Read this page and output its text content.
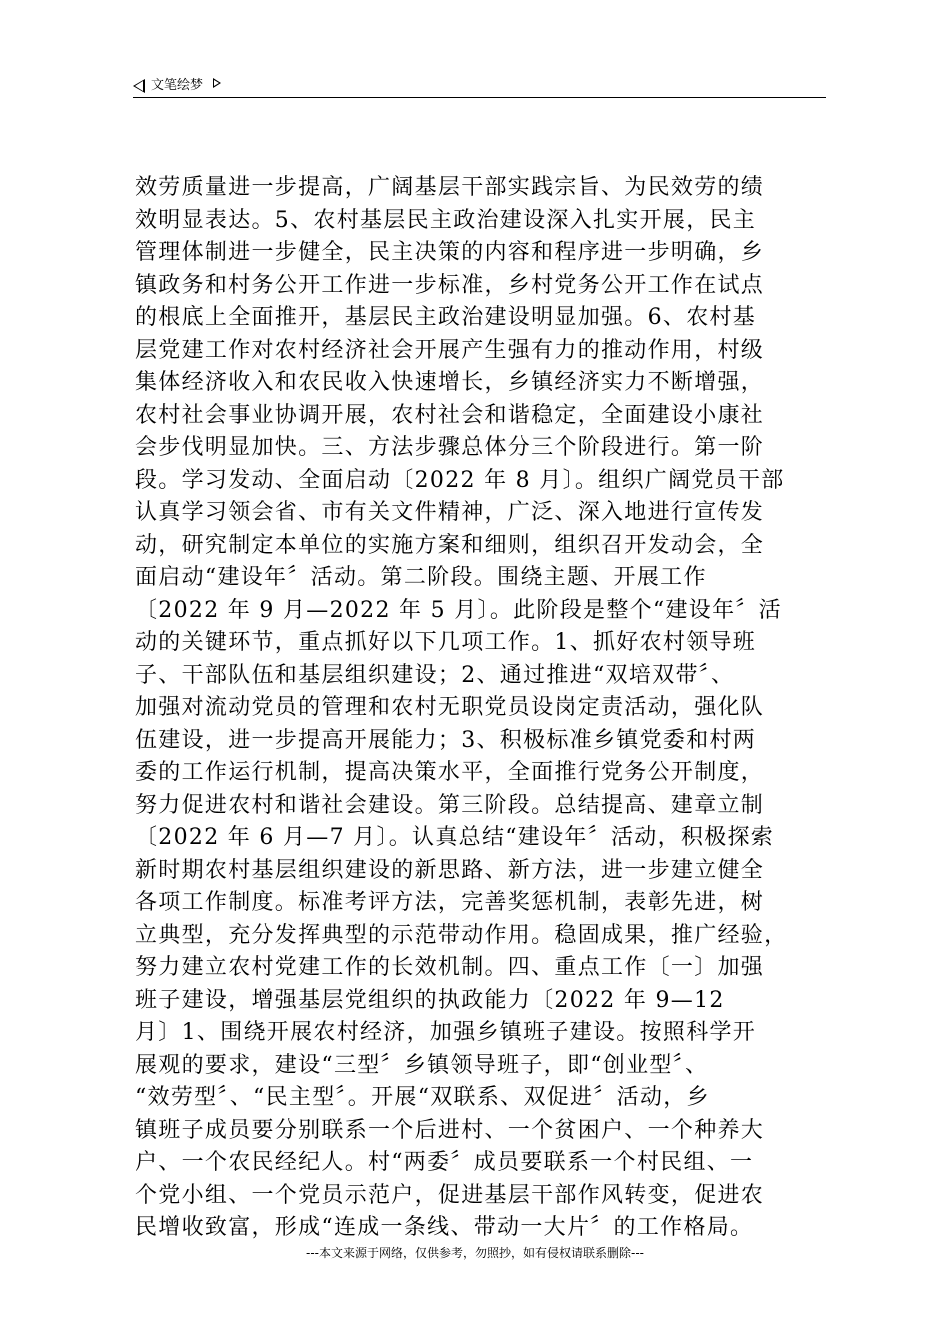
文笔绘梦
效劳质量进一步提高，广阔基层干部实践宗旨、为民效劳的绩
效明显表达。5、农村基层民主政治建设深入扎实开展，民主
管理体制进一步健全，民主决策的内容和程序进一步明确，乡
镇政务和村务公开工作进一步标准，乡村党务公开工作在试点
的根底上全面推开，基层民主政治建设明显加强。6、农村基
层党建工作对农村经济社会开展产生强有力的推动作用，村级
集体经济收入和农民收入快速增长，乡镇经济实力不断增强，
农村社会事业协调开展，农村社会和谐稳定，全面建设小康社
会步伐明显加快。三、方法步骤总体分三个阶段进行。第一阶
段。学习发动、全面启动〔2022 年 8 月〕。组织广阔党员干部
认真学习领会省、市有关文件精神，广泛、深入地进行宣传发
动，研究制定本单位的实施方案和细则，组织召开发动会，全
面启动“建设年〞活动。第二阶段。围绕主题、开展工作
〔2022 年 9 月—2022 年 5 月〕。此阶段是整个“建设年〞活
动的关键环节，重点抓好以下几项工作。1、抓好农村领导班
子、干部队伍和基层组织建设；2、通过推进“双培双带〞、
加强对流动党员的管理和农村无职党员设岗定责活动，强化队
伍建设，进一步提高开展能力；3、积极标准乡镇党委和村两
委的工作运行机制，提高决策水平，全面推行党务公开制度，
努力促进农村和谐社会建设。第三阶段。总结提高、建章立制
〔2022 年 6 月—7 月〕。认真总结“建设年〞活动，积极探索
新时期农村基层组织建设的新思路、新方法，进一步建立健全
各项工作制度。标准考评方法，完善奖惩机制，表彰先进，树
立典型，充分发挥典型的示范带动作用。稳固成果，推广经验，
努力建立农村党建工作的长效机制。四、重点工作〔一〕加强
班子建设，增强基层党组织的执政能力〔2022 年 9—12
月〕1、围绕开展农村经济，加强乡镇班子建设。按照科学开
展观的要求，建设“三型〞乡镇领导班子，即“创业型〞、
“效劳型〞、“民主型〞。开展“双联系、双促进〞活动，乡
镇班子成员要分别联系一个后进村、一个贫困户、一个种养大
户、一个农民经纪人。村“两委〞成员要联系一个村民组、一
个党小组、一个党员示范户，促进基层干部作风转变，促进农
民增收致富，形成“连成一条线、带动一大片〞的工作格局。
---本文来源于网络，仅供参考，勿照抄，如有侵权请联系删除---
